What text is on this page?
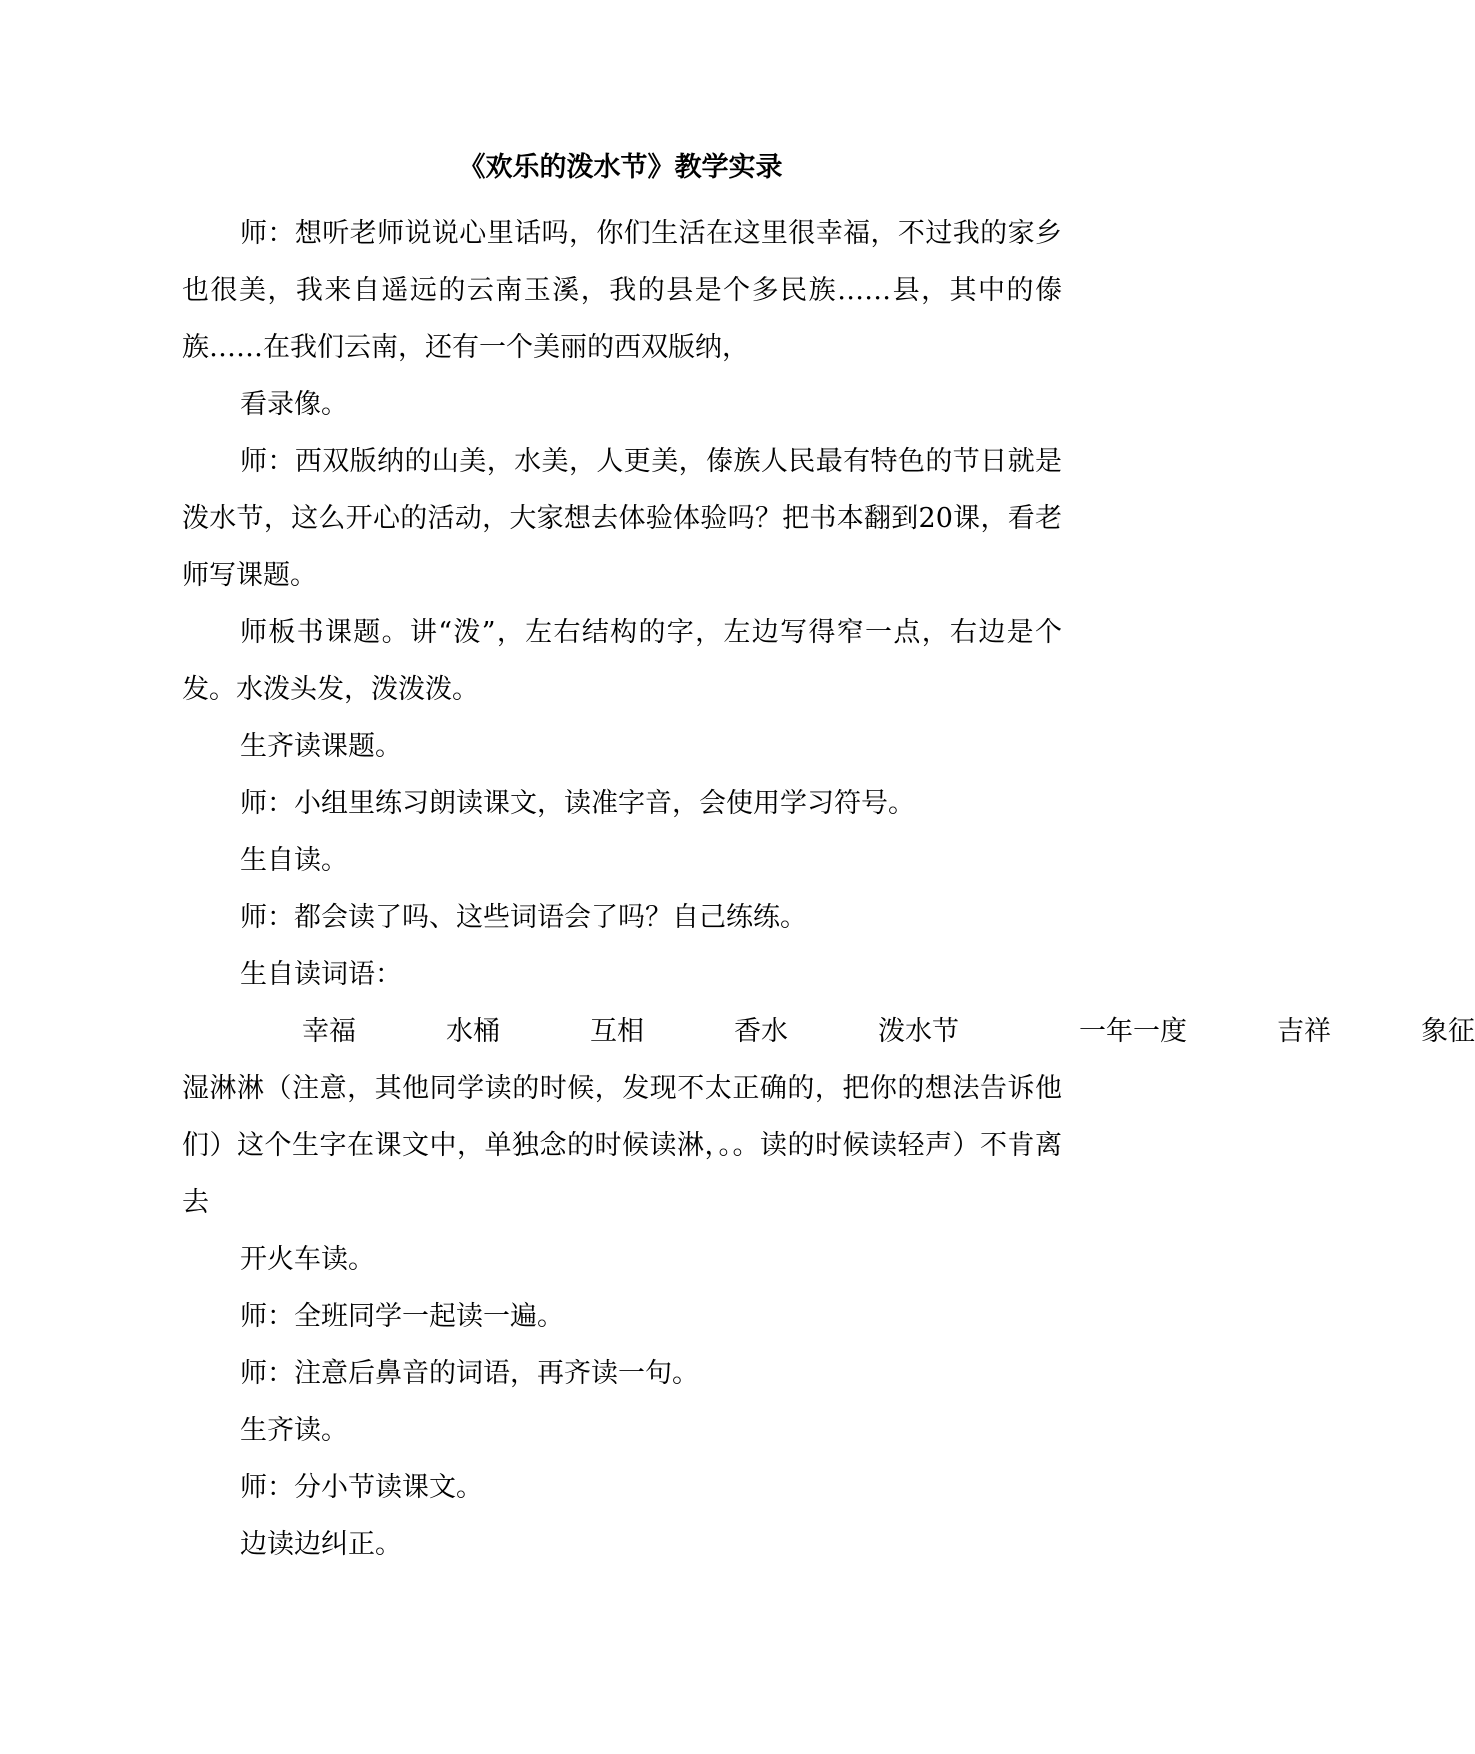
《欢乐的泼水节》教学实录

师：想听老师说说心里话吗，你们生活在这里很幸福，不过我的家乡也很美，我来自遥远的云南玉溪，我的县是个多民族……县，其中的傣族……在我们云南，还有一个美丽的西双版纳，

看录像。

师：西双版纳的山美，水美，人更美，傣族人民最有特色的节日就是泼水节，这么开心的活动，大家想去体验体验吗？把书本翻到20课，看老师写课题。

师板书课题。讲“泼”，左右结构的字，左边写得窄一点，右边是个发。水泼头发，泼泼泼。

生齐读课题。

师：小组里练习朗读课文，读准字音，会使用学习符号。

生自读。

师：都会读了吗、这些词语会了吗？自己练练。

生自读词语：

幸福	水桶	互相	香水	泼水节	一年一度	吉祥	象征

湿淋淋（注意，其他同学读的时候，发现不太正确的，把你的想法告诉他们）这个生字在课文中，单独念的时候读淋，。。读的时候读轻声）不肯离去

开火车读。

师：全班同学一起读一遍。

师：注意后鼻音的词语，再齐读一句。

生齐读。

师：分小节读课文。

边读边纠正。
